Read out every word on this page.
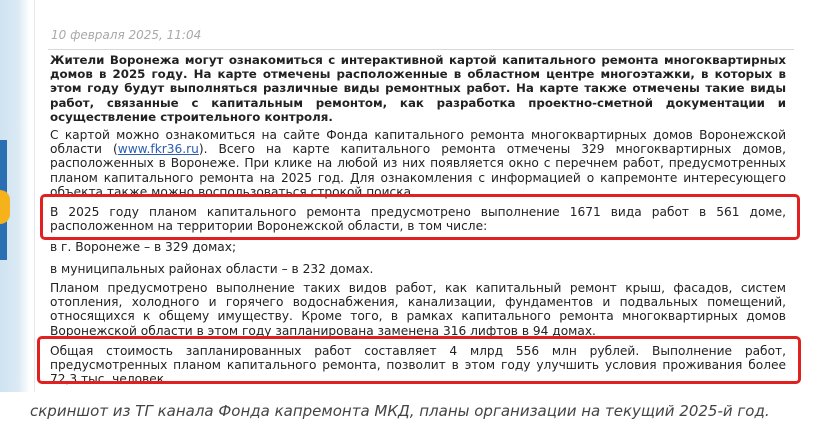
10 февраля 2025, 11:04
Жители Воронежа могут ознакомиться с интерактивной картой капитального ремонта многоквартирных домов в 2025 году. На карте отмечены расположенные в областном центре многоэтажки, в которых в этом году будут выполняться различные виды ремонтных работ. На карте также отмечены такие виды работ, связанные с капитальным ремонтом, как разработка проектно-сметной документации и осуществление строительного контроля.
С картой можно ознакомиться на сайте Фонда капитального ремонта многоквартирных домов Воронежской области (www.fkr36.ru). Всего на карте капитального ремонта отмечены 329 многоквартирных домов, расположенных в Воронеже. При клике на любой из них появляется окно с перечнем работ, предусмотренных планом капитального ремонта на 2025 год. Для ознакомления с информацией о капремонте интересующего объекта также можно воспользоваться строкой поиска.
В 2025 году планом капитального ремонта предусмотрено выполнение 1671 вида работ в 561 доме, расположенном на территории Воронежской области, в том числе:
в г. Воронеже – в 329 домах;
в муниципальных районах области – в 232 домах.
Планом предусмотрено выполнение таких видов работ, как капитальный ремонт крыш, фасадов, систем отопления, холодного и горячего водоснабжения, канализации, фундаментов и подвальных помещений, относящихся к общему имуществу. Кроме того, в рамках капитального ремонта многоквартирных домов Воронежской области в этом году запланирована заменена 316 лифтов в 94 домах.
Общая стоимость запланированных работ составляет 4 млрд 556 млн рублей. Выполнение работ, предусмотренных планом капитального ремонта, позволит в этом году улучшить условия проживания более 72,3 тыс. человек.
скриншот из ТГ канала Фонда капремонта МКД, планы организации на текущий 2025-й год.
